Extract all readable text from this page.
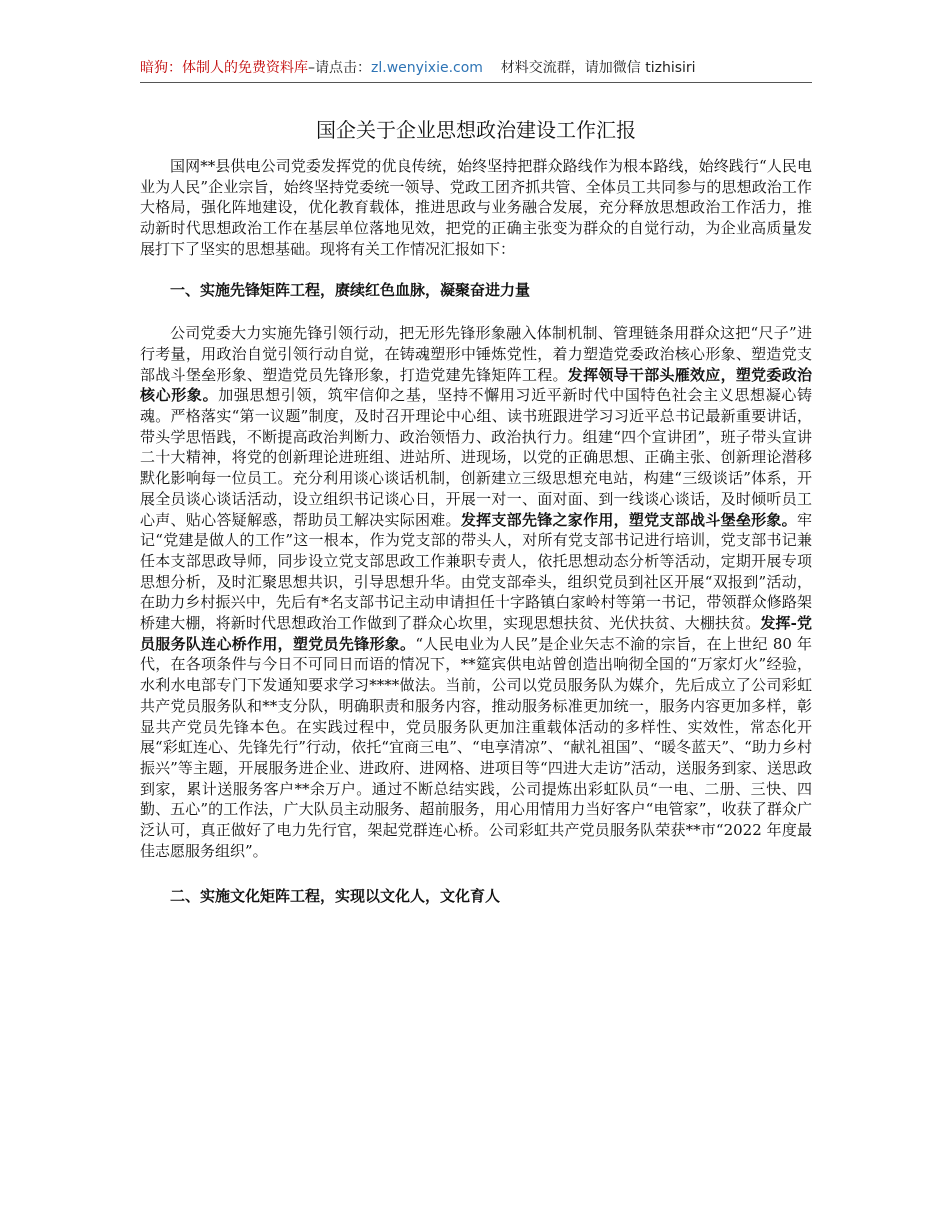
暗狗：体制人的免费资料库–请点击：zl.wenyixie.com 材料交流群，请加微信 tizhisiri
国企关于企业思想政治建设工作汇报

国网**县供电公司党委发挥党的优良传统，始终坚持把群众路线作为根本路线，始终践行“人民电业为人民”企业宗旨，始终坚持党委统一领导、党政工团齐抓共管、全体员工共同参与的思想政治工作大格局，强化阵地建设，优化教育载体，推进思政与业务融合发展，充分释放思想政治工作活力，推动新时代思想政治工作在基层单位落地见效，把党的正确主张变为群众的自觉行动，为企业高质量发展打下了坚实的思想基础。现将有关工作情况汇报如下：

一、实施先锋矩阵工程，赓续红色血脉，凝聚奋进力量

公司党委大力实施先锋引领行动，把无形先锋形象融入体制机制、管理链条用群众这把“尺子”进行考量，用政治自觉引领行动自觉，在铸魂塑形中锤炼党性，着力塑造党委政治核心形象、塑造党支部战斗堡垒形象、塑造党员先锋形象，打造党建先锋矩阵工程。发挥领导干部头雁效应，塑党委政治核心形象。加强思想引领，筑牢信仰之基，坚持不懈用习近平新时代中国特色社会主义思想凝心铸魂。严格落实“第一议题”制度，及时召开理论中心组、读书班跟进学习习近平总书记最新重要讲话，带头学思悟践，不断提高政治判断力、政治领悟力、政治执行力。组建“四个宣讲团”，班子带头宣讲二十大精神，将党的创新理论进班组、进站所、进现场，以党的正确思想、正确主张、创新理论潜移默化影响每一位员工。充分利用谈心谈话机制，创新建立三级思想充电站，构建“三级谈话”体系，开展全员谈心谈话活动，设立组织书记谈心日，开展一对一、面对面、到一线谈心谈话，及时倾听员工心声、贴心答疑解惑，帮助员工解决实际困难。发挥支部先锋之家作用，塑党支部战斗堡垒形象。牢记“党建是做人的工作”这一根本，作为党支部的带头人，对所有党支部书记进行培训，党支部书记兼任本支部思政导师，同步设立党支部思政工作兼职专责人，依托思想动态分析等活动，定期开展专项思想分析，及时汇聚思想共识，引导思想升华。由党支部牵头，组织党员到社区开展“双报到”活动，在助力乡村振兴中，先后有*名支部书记主动申请担任十字路镇白家岭村等第一书记，带领群众修路架桥建大棚，将新时代思想政治工作做到了群众心坎里，实现思想扶贫、光伏扶贫、大棚扶贫。发挥-党员服务队连心桥作用，塑党员先锋形象。“人民电业为人民”是企业矢志不渝的宗旨，在上世纪 80 年代，在各项条件与今日不可同日而语的情况下，**筵宾供电站曾创造出响彻全国的“万家灯火”经验，水利水电部专门下发通知要求学习****做法。当前，公司以党员服务队为媒介，先后成立了公司彩虹共产党员服务队和**支分队，明确职责和服务内容，推动服务标准更加统一，服务内容更加多样，彰显共产党员先锋本色。在实践过程中，党员服务队更加注重载体活动的多样性、实效性，常态化开展“彩虹连心、先锋先行”行动，依托“宜商三电”、“电享清凉”、“献礼祖国”、“暖冬蓝天”、“助力乡村振兴”等主题，开展服务进企业、进政府、进网格、进项目等“四进大走访”活动，送服务到家、送思政到家，累计送服务客户**余万户。通过不断总结实践，公司提炼出彩虹队员“一电、二册、三快、四勤、五心”的工作法，广大队员主动服务、超前服务，用心用情用力当好客户“电管家”，收获了群众广泛认可，真正做好了电力先行官，架起党群连心桥。公司彩虹共产党员服务队荣获**市“2022 年度最佳志愿服务组织”。

二、实施文化矩阵工程，实现以文化人，文化育人
